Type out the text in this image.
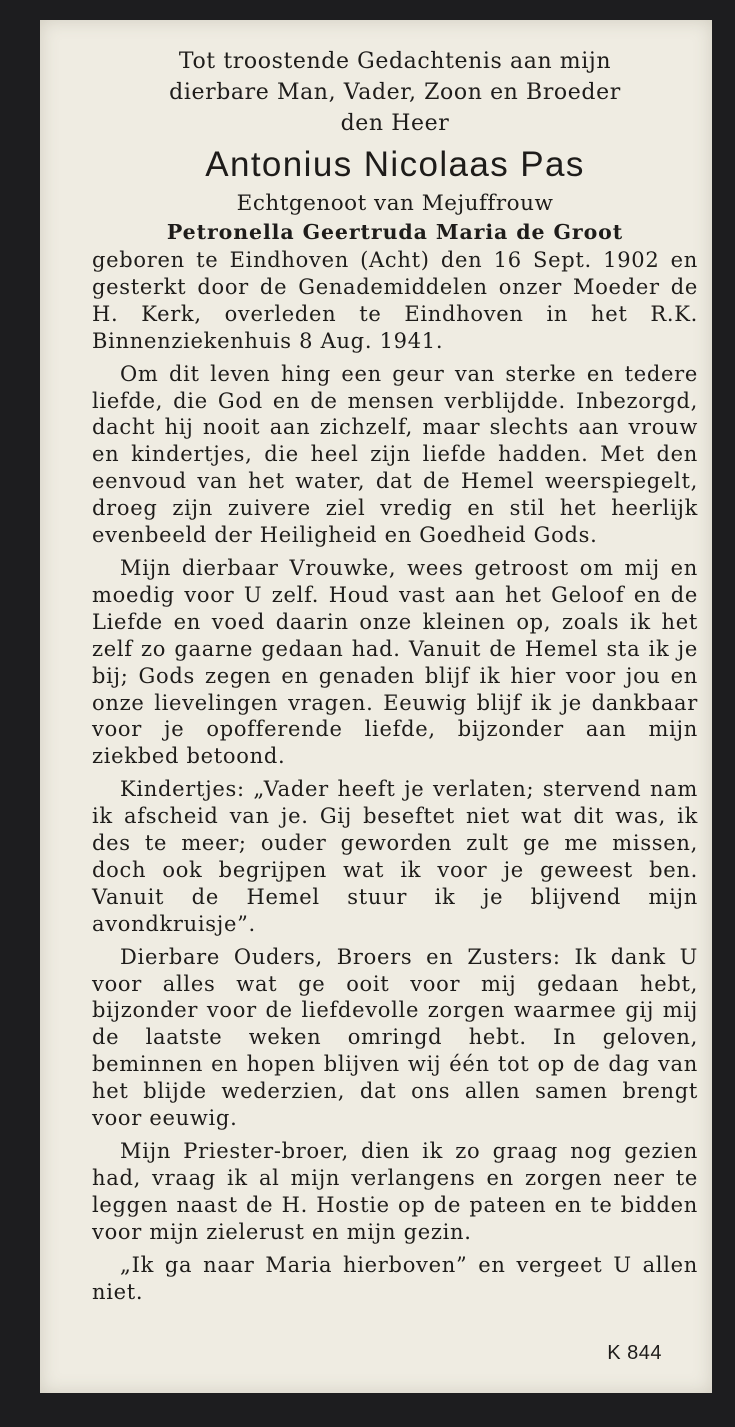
Tot troostende Gedachtenis aan mijn
dierbare Man, Vader, Zoon en Broeder
den Heer
Antonius Nicolaas Pas
Echtgenoot van Mejuffrouw
Petronella Geertruda Maria de Groot
geboren te Eindhoven (Acht) den 16 Sept. 1902 en gesterkt door de Genademiddelen onzer Moeder de H. Kerk, overleden te Eindhoven in het R.K. Binnenziekenhuis 8 Aug. 1941.
Om dit leven hing een geur van sterke en tedere liefde, die God en de mensen verblijdde. Inbezorgd, dacht hij nooit aan zichzelf, maar slechts aan vrouw en kindertjes, die heel zijn liefde hadden. Met den eenvoud van het water, dat de Hemel weerspiegelt, droeg zijn zuivere ziel vredig en stil het heerlijk evenbeeld der Heiligheid en Goedheid Gods.
Mijn dierbaar Vrouwke, wees getroost om mij en moedig voor U zelf. Houd vast aan het Geloof en de Liefde en voed daarin onze kleinen op, zoals ik het zelf zo gaarne gedaan had. Vanuit de Hemel sta ik je bij; Gods zegen en genaden blijf ik hier voor jou en onze lievelingen vragen. Eeuwig blijf ik je dankbaar voor je opofferende liefde, bijzonder aan mijn ziekbed betoond.
Kindertjes: „Vader heeft je verlaten; stervend nam ik afscheid van je. Gij beseftet niet wat dit was, ik des te meer; ouder geworden zult ge me missen, doch ook begrijpen wat ik voor je geweest ben. Vanuit de Hemel stuur ik je blijvend mijn avondkruisje”.
Dierbare Ouders, Broers en Zusters: Ik dank U voor alles wat ge ooit voor mij gedaan hebt, bijzonder voor de liefdevolle zorgen waarmee gij mij de laatste weken omringd hebt. In geloven, beminnen en hopen blijven wij één tot op de dag van het blijde wederzien, dat ons allen samen brengt voor eeuwig.
Mijn Priester-broer, dien ik zo graag nog gezien had, vraag ik al mijn verlangens en zorgen neer te leggen naast de H. Hostie op de pateen en te bidden voor mijn zielerust en mijn gezin.
„Ik ga naar Maria hierboven” en vergeet U allen niet.
K 844
